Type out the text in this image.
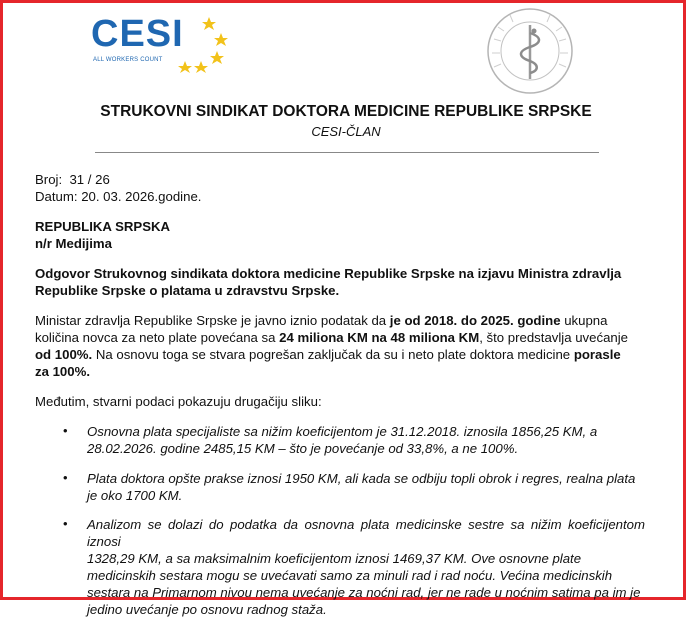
CESI
ALL WORKERS COUNT
STRUKOVNI SINDIKAT DOKTORA MEDICINE REPUBLIKE SRPSKE
CESI-ČLAN
Broj: 31 / 26
Datum: 20. 03. 2026.godine.
REPUBLIKA SRPSKA
n/r Medijima
Odgovor Strukovnog sindikata doktora medicine Republike Srpske na izjavu Ministra zdravlja
Republike Srpske o platama u zdravstvu Srpske.
Ministar zdravlja Republike Srpske je javno iznio podatak da je od 2018. do 2025. godine ukupna
količina novca za neto plate povećana sa 24 miliona KM na 48 miliona KM, što predstavlja uvećanje
od 100%. Na osnovu toga se stvara pogrešan zaključak da su i neto plate doktora medicine porasle
za 100%.
Međutim, stvarni podaci pokazuju drugačiju sliku:
• Osnovna plata specijaliste sa nižim koeficijentom je 31.12.2018. iznosila 1856,25 KM, a
28.02.2026. godine 2485,15 KM – što je povećanje od 33,8%, a ne 100%.
• Plata doktora opšte prakse iznosi 1950 KM, ali kada se odbiju topli obrok i regres, realna plata
je oko 1700 KM.
• Analizom se dolazi do podatka da osnovna plata medicinske sestre sa nižim koeficijentom iznosi
1328,29 KM, a sa maksimalnim koeficijentom iznosi 1469,37 KM. Ove osnovne plate
medicinskih sestara mogu se uvećavati samo za minuli rad i rad noću. Većina medicinskih
sestara na Primarnom nivou nema uvećanje za noćni rad, jer ne rade u noćnim satima pa im je
jedino uvećanje po osnovu radnog staža.
